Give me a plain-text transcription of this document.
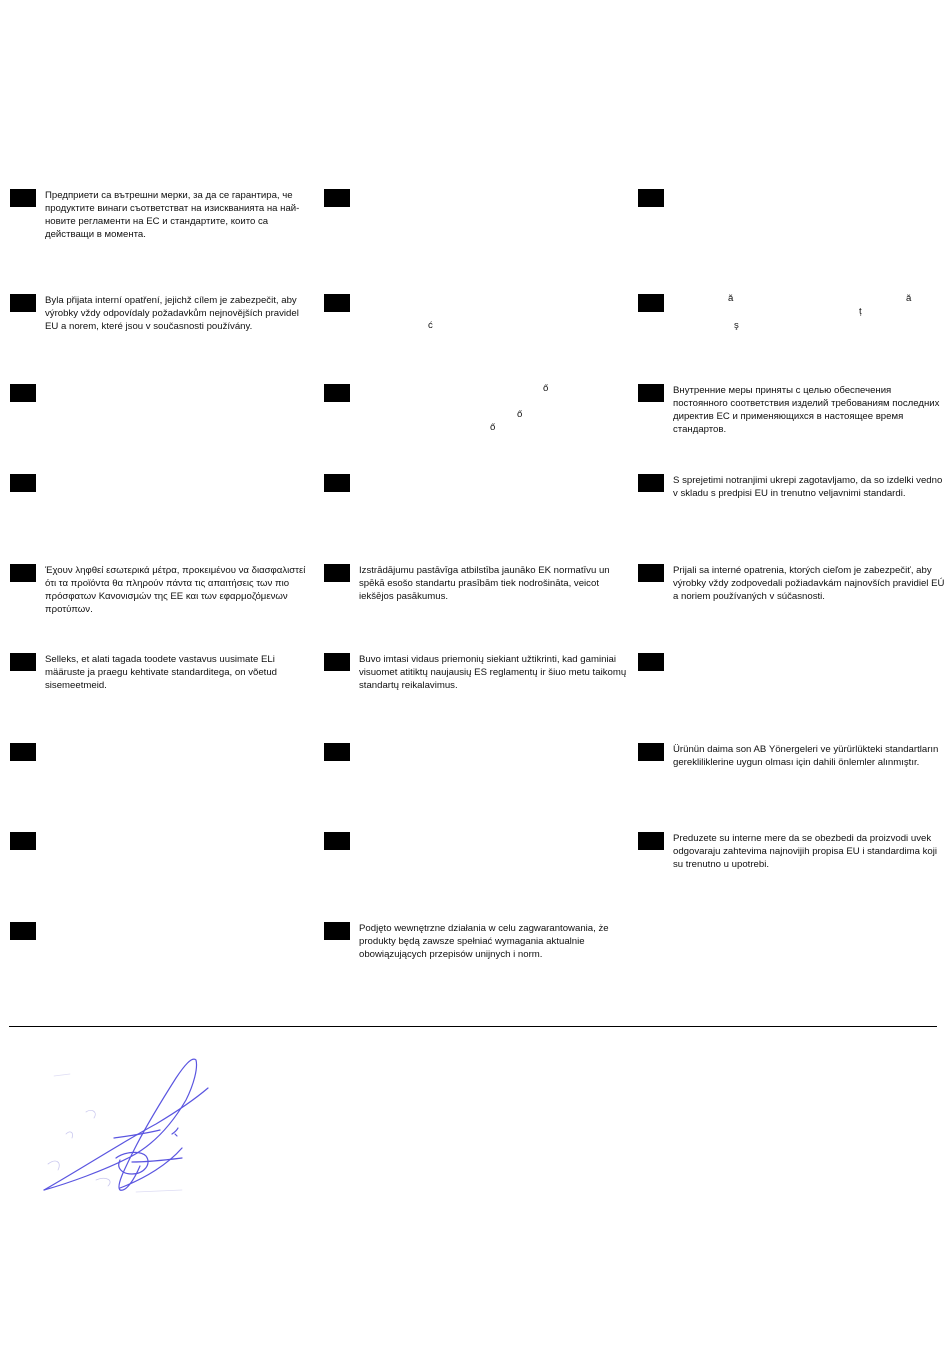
Предприети са вътрешни мерки, за да се гарантира, че продуктите винаги съответстват на изискванията на най-новите регламенти на ЕС и стандартите, които са действащи в момента.
Byla přijata interní opatření, jejichž cílem je zabezpečit, aby výrobky vždy odpovídaly požadavkům nejnovějších pravidel EU a norem, které jsou v současnosti používány.	ć
ă	ă
ț
ş
ő
ő
ő
Внутренние меры приняты с целью обеспечения постоянного соответствия изделий требованиям последних директив ЕС и применяющихся в настоящее время стандартов.
S sprejetimi notranjimi ukrepi zagotavljamo, da so izdelki vedno v skladu s predpisi EU in trenutno veljavnimi standardi.
Έχουν ληφθεί εσωτερικά μέτρα, προκειμένου να διασφαλιστεί ότι τα προϊόντα θα πληρούν πάντα τις απαιτήσεις των πιο πρόσφατων Κανονισμών της ΕΕ και των εφαρμοζόμενων προτύπων.
Izstrādājumu pastāvīga atbilstība jaunāko EK normatīvu un spēkā esošo standartu prasībām tiek nodrošināta, veicot iekšējos pasākumus.
Prijali sa interné opatrenia, ktorých cieľom je zabezpečiť, aby výrobky vždy zodpovedali požiadavkám najnovších pravidiel EÚ a noriem používaných v súčasnosti.
Selleks, et alati tagada toodete vastavus uusimate ELi määruste ja praegu kehtivate standarditega, on võetud sisemeetmeid.
Buvo imtasi vidaus priemonių siekiant užtikrinti, kad gaminiai visuomet atitiktų naujausių ES reglamentų ir šiuo metu taikomų standartų reikalavimus.
Ürünün daima son AB Yönergeleri ve yürürlükteki standartların gerekliliklerine uygun olması için dahili önlemler alınmıştır.
Preduzete su interne mere da se obezbedi da proizvodi uvek odgovaraju zahtevima najnovijih propisa EU i standardima koji su trenutno u upotrebi.
Podjęto wewnętrzne działania w celu zagwarantowania, że produkty będą zawsze spełniać wymagania aktualnie obowiązujących przepisów unijnych i norm.
